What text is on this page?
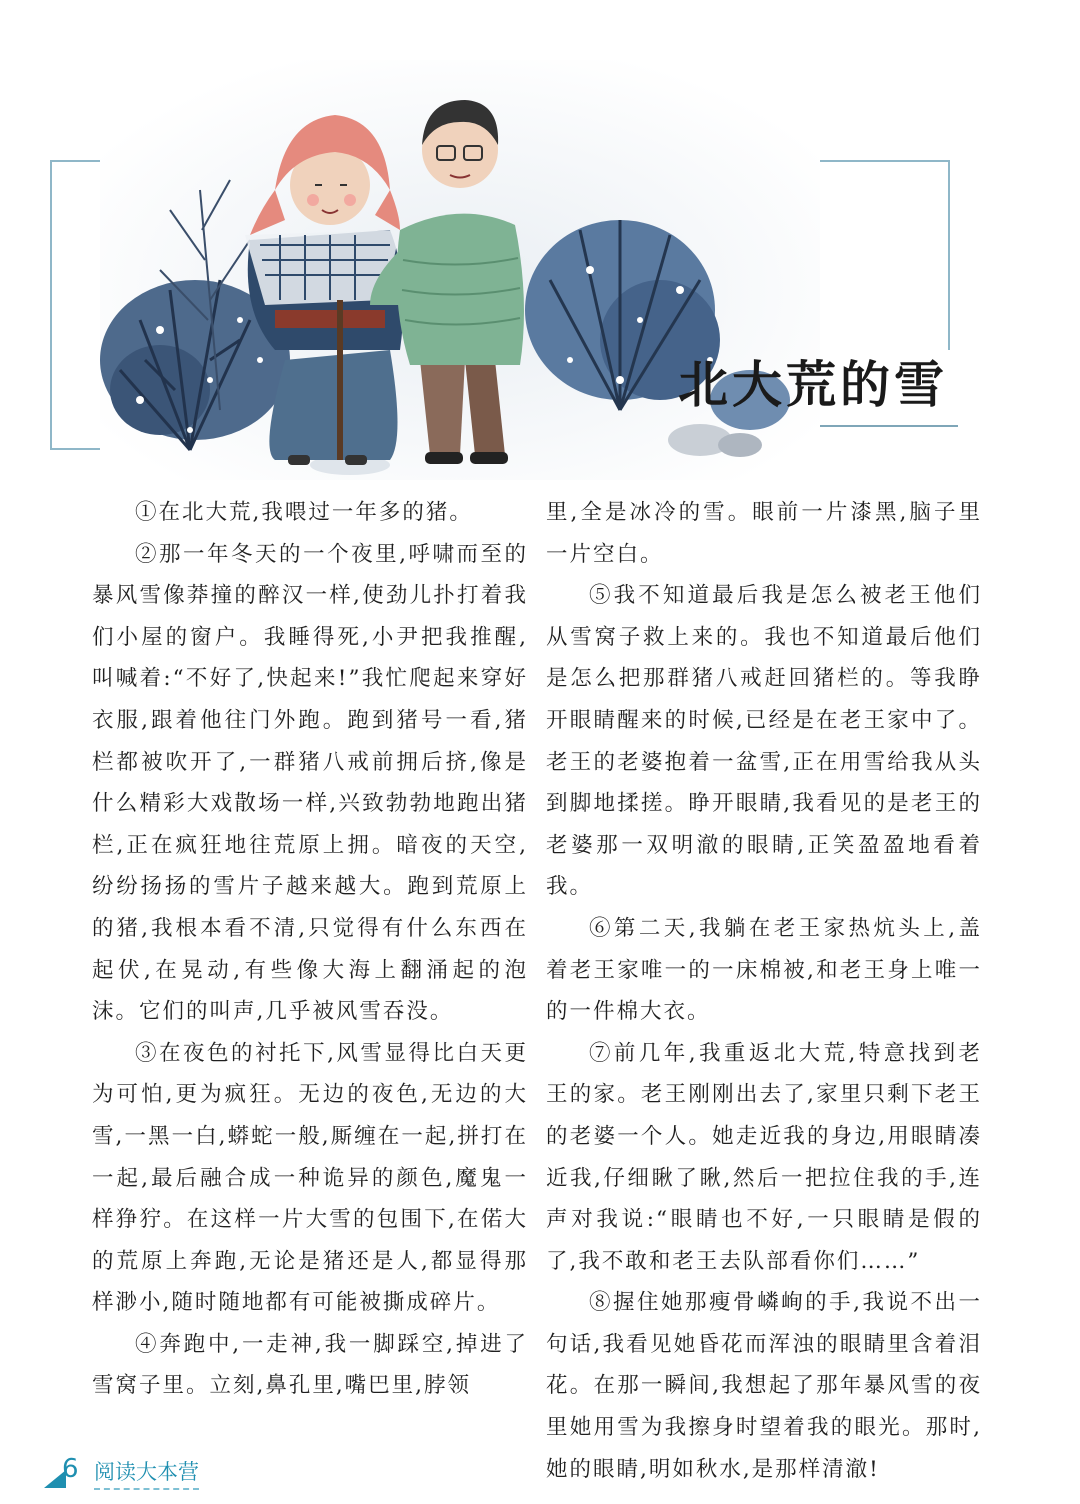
北大荒的雪

①在北大荒,我喂过一年多的猪。

②那一年冬天的一个夜里,呼啸而至的暴风雪像莽撞的醉汉一样,使劲儿扑打着我们小屋的窗户。我睡得死,小尹把我推醒,叫喊着:“不好了,快起来!”我忙爬起来穿好衣服,跟着他往门外跑。跑到猪号一看,猪栏都被吹开了,一群猪八戒前拥后挤,像是什么精彩大戏散场一样,兴致勃勃地跑出猪栏,正在疯狂地往荒原上拥。暗夜的天空,纷纷扬扬的雪片子越来越大。跑到荒原上的猪,我根本看不清,只觉得有什么东西在起伏,在晃动,有些像大海上翻涌起的泡沫。它们的叫声,几乎被风雪吞没。

③在夜色的衬托下,风雪显得比白天更为可怕,更为疯狂。无边的夜色,无边的大雪,一黑一白,蟒蛇一般,厮缠在一起,拼打在一起,最后融合成一种诡异的颜色,魔鬼一样狰狞。在这样一片大雪的包围下,在偌大的荒原上奔跑,无论是猪还是人,都显得那样渺小,随时随地都有可能被撕成碎片。

④奔跑中,一走神,我一脚踩空,掉进了雪窝子里。立刻,鼻孔里,嘴巴里,脖领

里,全是冰冷的雪。眼前一片漆黑,脑子里一片空白。

⑤我不知道最后我是怎么被老王他们从雪窝子救上来的。我也不知道最后他们是怎么把那群猪八戒赶回猪栏的。等我睁开眼睛醒来的时候,已经是在老王家中了。老王的老婆抱着一盆雪,正在用雪给我从头到脚地揉搓。睁开眼睛,我看见的是老王的老婆那一双明澈的眼睛,正笑盈盈地看着我。

⑥第二天,我躺在老王家热炕头上,盖着老王家唯一的一床棉被,和老王身上唯一的一件棉大衣。

⑦前几年,我重返北大荒,特意找到老王的家。老王刚刚出去了,家里只剩下老王的老婆一个人。她走近我的身边,用眼睛凑近我,仔细瞅了瞅,然后一把拉住我的手,连声对我说:“眼睛也不好,一只眼睛是假的了,我不敢和老王去队部看你们……”

⑧握住她那瘦骨嶙峋的手,我说不出一句话,我看见她昏花而浑浊的眼睛里含着泪花。在那一瞬间,我想起了那年暴风雪的夜里她用雪为我擦身时望着我的眼光。那时,她的眼睛,明如秋水,是那样清澈!

6 阅读大本营
